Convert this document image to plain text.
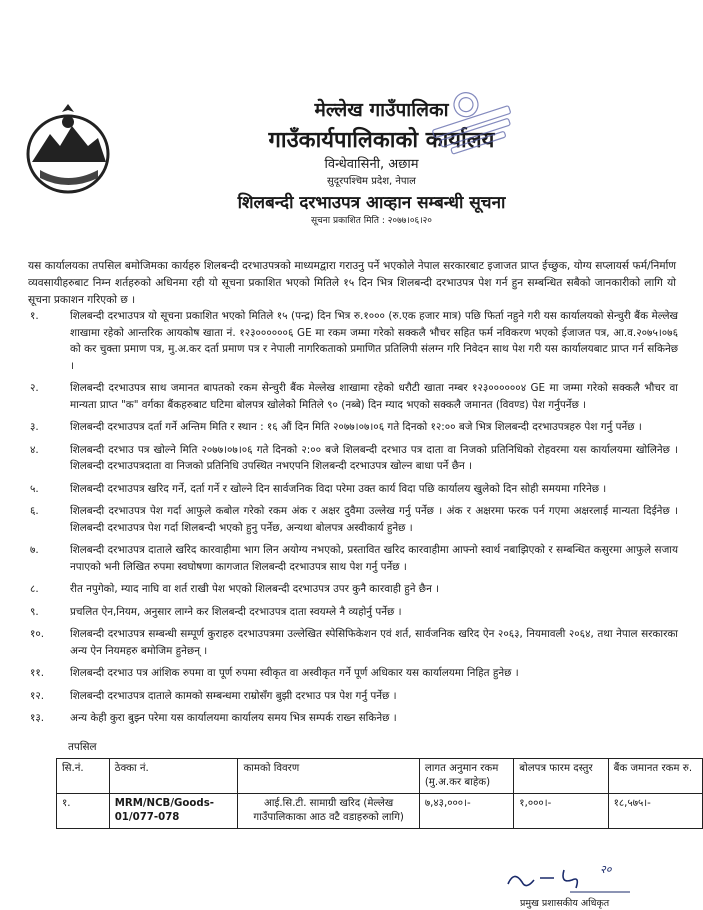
मेल्लेख गाउँपालिका
गाउँकार्यपालिकाको कार्यालय
विन्धेवासिनी, अछाम
सुदूरपश्चिम प्रदेश, नेपाल
शिलबन्दी दरभाउपत्र आव्हान सम्बन्धी सूचना
सूचना प्रकाशित मिति : २०७७।०६।२०
यस कार्यालयका तपसिल बमोजिमका कार्यहरु शिलबन्दी दरभाउपत्रको माध्यमद्वारा गराउनु पर्ने भएकोले नेपाल सरकारबाट इजाजत प्राप्त ईच्छुक, योग्य सप्लायर्स फर्म/निर्माण व्यवसायीहरुबाट निम्न शर्तहरुको अधिनमा रही यो सूचना प्रकाशित भएको मितिले १५ दिन भित्र शिलबन्दी दरभाउपत्र पेश गर्न हुन सम्बन्धित सबैको जानकारीको लागि यो सूचना प्रकाशन गरिएको छ ।
१.	शिलबन्दी दरभाउपत्र यो सूचना प्रकाशित भएको मितिले १५ (पन्द्र) दिन भित्र रु.१००० (रु.एक हजार मात्र) पछि फिर्ता नहुने गरी यस कार्यालयको सेन्चुरी बैंक मेल्लेख शाखामा रहेको आन्तरिक आयकोष खाता नं. १२३००००००६ GE मा रकम जम्मा गरेको सक्कलै भौचर सहित फर्म नविकरण भएको ईजाजत पत्र, आ.व.२०७५।०७६ को कर चुक्ता प्रमाण पत्र, मु.अ.कर दर्ता प्रमाण पत्र र नेपाली नागरिकताको प्रमाणित प्रतिलिपी संलग्न गरि निवेदन साथ पेश गरी यस कार्यालयबाट प्राप्त गर्न सकिनेछ ।
२.	शिलबन्दी दरभाउपत्र साथ जमानत बापतको रकम सेन्चुरी बैंक मेल्लेख शाखामा रहेको धरौटी खाता नम्बर १२३००००००४ GE मा जम्मा गरेको सक्कलै भौचर वा मान्यता प्राप्त "क" वर्गका बैंकहरुबाट घटिमा बोलपत्र खोलेको मितिले ९० (नब्बे) दिन म्याद भएको सक्कलै जमानत (विवण्ड) पेश गर्नुपर्नेछ ।
३.	शिलबन्दी दरभाउपत्र दर्ता गर्ने अन्तिम मिति र स्थान : १६ औं दिन मिति २०७७।०७।०६ गते दिनको १२:०० बजे भित्र शिलबन्दी दरभाउपत्रहरु पेश गर्नु पर्नेछ ।
४.	शिलबन्दी दरभाउ पत्र खोल्ने मिति २०७७।०७।०६ गते दिनको २:०० बजे शिलबन्दी दरभाउ पत्र दाता वा निजको प्रतिनिधिको रोहवरमा यस कार्यालयमा खोलिनेछ । शिलबन्दी दरभाउपत्रदाता वा निजको प्रतिनिधि उपस्थित नभएपनि शिलबन्दी दरभाउपत्र खोल्न बाधा पर्ने छैन ।
५.	शिलबन्दी दरभाउपत्र खरिद गर्ने, दर्ता गर्ने र खोल्ने दिन सार्वजनिक विदा परेमा उक्त कार्य विदा पछि कार्यालय खुलेको दिन सोही समयमा गरिनेछ ।
६.	शिलबन्दी दरभाउपत्र पेश गर्दा आफुले कबोल गरेको रकम अंक र अक्षर दुवैमा उल्लेख गर्नु पर्नेछ । अंक र अक्षरमा फरक पर्न गएमा अक्षरलाई मान्यता दिईनेछ । शिलबन्दी दरभाउपत्र पेश गर्दा शिलबन्दी भएको हुनु पर्नेछ, अन्यथा बोलपत्र अस्वीकार्य हुनेछ ।
७.	शिलबन्दी दरभाउपत्र दाताले खरिद कारवाहीमा भाग लिन अयोग्य नभएको, प्रस्तावित खरिद कारवाहीमा आफ्नो स्वार्थ नबाझिएको र सम्बन्धित कसुरमा आफुले सजाय नपाएको भनी लिखित रुपमा स्वघोषणा कागजात शिलबन्दी दरभाउपत्र साथ पेश गर्नु पर्नेछ ।
८.	रीत नपुगेको, म्याद नाघि वा शर्त राखी पेश भएको शिलबन्दी दरभाउपत्र उपर कुनै कारवाही हुने छैन ।
९.	प्रचलित ऐन,नियम, अनुसार लाग्ने कर शिलबन्दी दरभाउपत्र दाता स्वयम्ले नै व्यहोर्नु पर्नेछ ।
१०.	शिलबन्दी दरभाउपत्र सम्बन्धी सम्पूर्ण कुराहरु दरभाउपत्रमा उल्लेखित स्पेसिफिकेशन एवं शर्त, सार्वजनिक खरिद ऐन २०६३, नियमावली २०६४, तथा नेपाल सरकारका अन्य ऐन नियमहरु बमोजिम हुनेछन् ।
११.	शिलबन्दी दरभाउ पत्र आंशिक रुपमा वा पूर्ण रुपमा स्वीकृत वा अस्वीकृत गर्ने पूर्ण अधिकार यस कार्यालयमा निहित हुनेछ ।
१२.	शिलबन्दी दरभाउपत्र दाताले कामको सम्बन्धमा राम्रोसँग बुझी दरभाउ पत्र पेश गर्नु पर्नेछ ।
१३.	अन्य केही कुरा बुझ्न परेमा यस कार्यालयमा कार्यालय समय भित्र सम्पर्क राख्न सकिनेछ ।
तपसिल
सि.नं.	ठेक्का नं.	कामको विवरण	लागत अनुमान रकम (मु.अ.कर बाहेक)	बोलपत्र फारम दस्तुर	बैंक जमानत रकम रु.
१.	MRM/NCB/Goods-01/077-078	आई.सि.टी. सामाग्री खरिद (मेल्लेख गाउँपालिकाका आठ वटै वडाहरुको लागि)	७,४३,०००।-	१,०००।-	१८,५७५।-
२०
प्रमुख प्रशासकीय अधिकृत
